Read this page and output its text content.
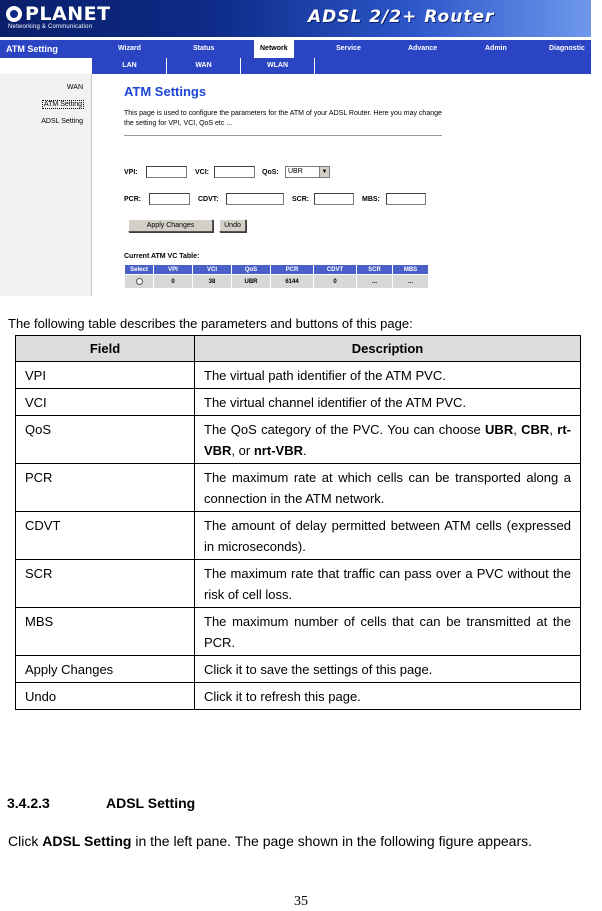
PLANET
Networking & Communication	ADSL 2/2+ Router
ATM Setting	Wizard	Status	Network	Service	Advance	Admin	Diagnostic
LAN	WAN	WLAN
WAN
ATM Setting
ADSL Setting
ATM Settings
This page is used to configure the parameters for the ATM of your ADSL Router. Here you may change the setting for VPI, VCI, QoS etc ...
VPI:	VCI:	QoS:	UBR	▼
PCR:	CDVT:	SCR:	MBS:
Apply Changes	Undo
Current ATM VC Table:
Select	VPI	VCI	QoS	PCR	CDVT	SCR	MBS
	0	38	UBR	6144	0	...	...
The following table describes the parameters and buttons of this page:
Field	Description
VPI	The virtual path identifier of the ATM PVC.
VCI	The virtual channel identifier of the ATM PVC.
QoS	The QoS category of the PVC. You can choose UBR, CBR, rt-VBR, or nrt-VBR.
PCR	The maximum rate at which cells can be transported along a connection in the ATM network.
CDVT	The amount of delay permitted between ATM cells (expressed in microseconds).
SCR	The maximum rate that traffic can pass over a PVC without the risk of cell loss.
MBS	The maximum number of cells that can be transmitted at the PCR.
Apply Changes	Click it to save the settings of this page.
Undo	Click it to refresh this page.
3.4.2.3	ADSL Setting
Click ADSL Setting in the left pane. The page shown in the following figure appears.
35
